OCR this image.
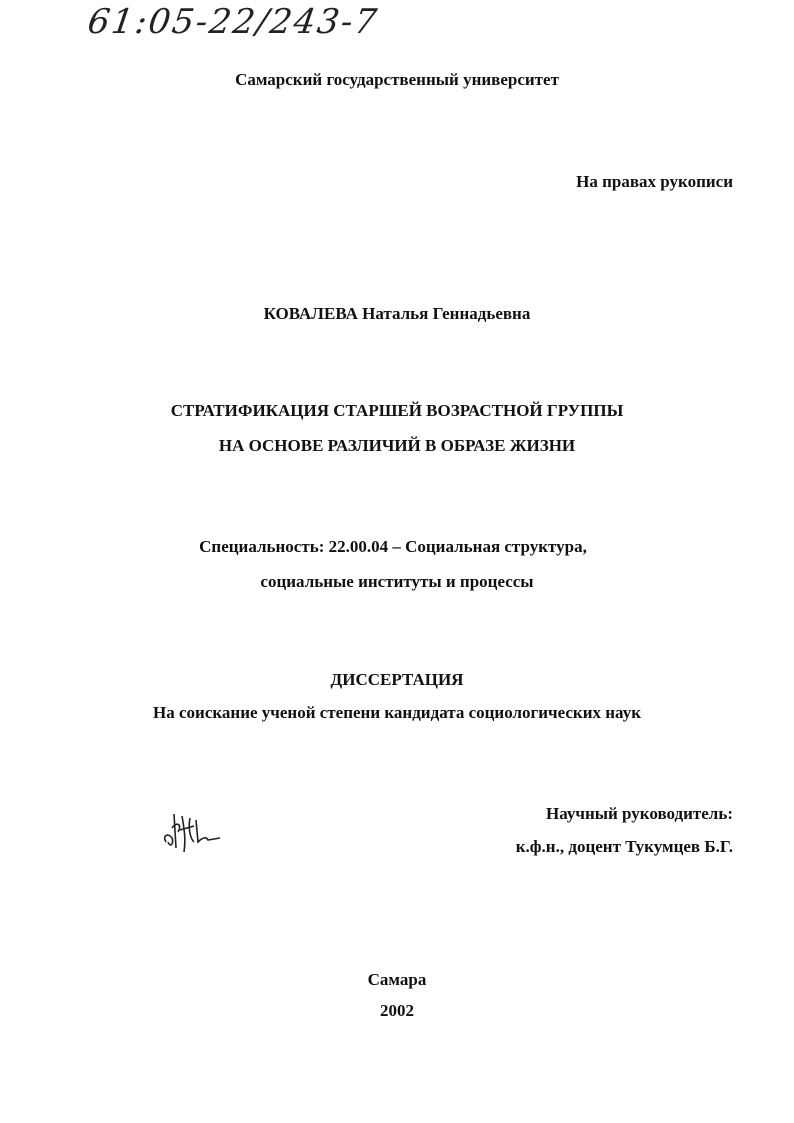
61:05-22/243-7
Самарский государственный университет
На правах рукописи
КОВАЛЕВА Наталья Геннадьевна
СТРАТИФИКАЦИЯ СТАРШЕЙ ВОЗРАСТНОЙ ГРУППЫ
НА ОСНОВЕ РАЗЛИЧИЙ В ОБРАЗЕ ЖИЗНИ
Специальность: 22.00.04 – Социальная структура,
социальные институты и процессы
ДИССЕРТАЦИЯ
На соискание ученой степени кандидата социологических наук
Научный руководитель:
к.ф.н., доцент Тукумцев Б.Г.
Самара
2002
